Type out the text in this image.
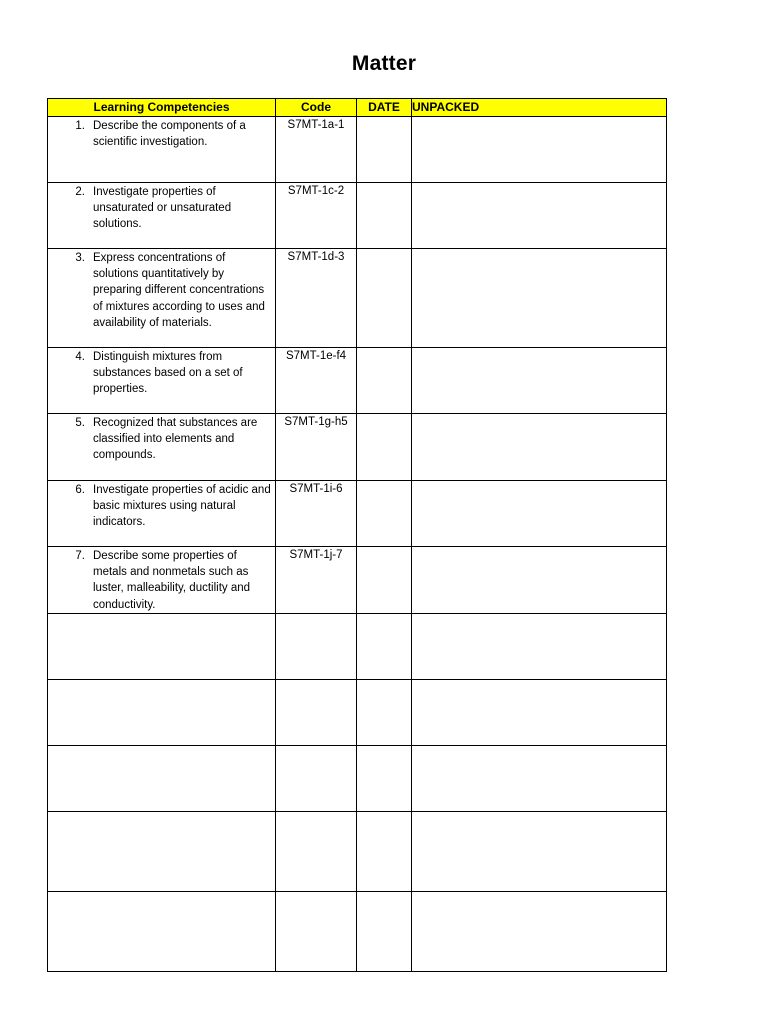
Matter
Learning Competencies	Code	DATE	UNPACKED

1. Describe the components of a scientific investigation.	S7MT-1a-1		

2. Investigate properties of unsaturated or unsaturated solutions.	S7MT-1c-2		

3. Express concentrations of solutions quantitatively by preparing different concentrations of mixtures according to uses and availability of materials.	S7MT-1d-3		

4. Distinguish mixtures from substances based on a set of properties.	S7MT-1e-f4		

5. Recognized that substances are classified into elements and compounds.	S7MT-1g-h5		

6. Investigate properties of acidic and basic mixtures using natural indicators.	S7MT-1i-6		

7. Describe some properties of metals and nonmetals such as luster, malleability, ductility and conductivity.	S7MT-1j-7		
